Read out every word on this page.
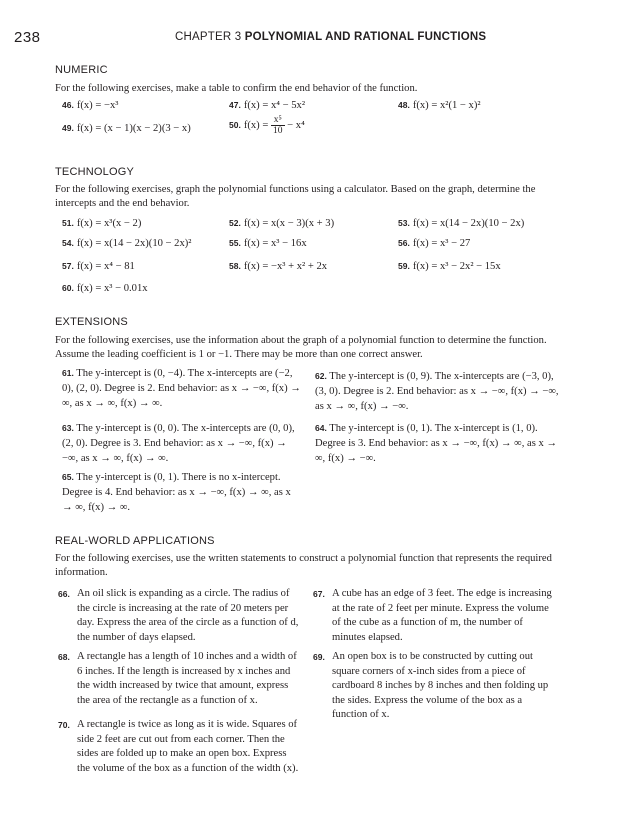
238	CHAPTER 3 POLYNOMIAL AND RATIONAL FUNCTIONS
NUMERIC
For the following exercises, make a table to confirm the end behavior of the function.
46. f(x) = −x³	47. f(x) = x⁴ − 5x²	48. f(x) = x²(1 − x)²
49. f(x) = (x − 1)(x − 2)(3 − x)	50. $f(x) = \frac{\text{x⁵}}{10} - x^4$
TECHNOLOGY
For the following exercises, graph the polynomial functions using a calculator. Based on the graph, determine the intercepts and the end behavior.
51. f(x) = x³(x − 2)	52. f(x) = x(x − 3)(x + 3)	53. f(x) = x(14 − 2x)(10 − 2x)
54. f(x) = x(14 − 2x)(10 − 2x)²	55. f(x) = x³ − 16x	56. f(x) = x³ − 27
57. f(x) = x⁴ − 81	58. f(x) = −x³ + x² + 2x	59. f(x) = x³ − 2x² − 15x
60. f(x) = x³ − 0.01x
EXTENSIONS
For the following exercises, use the information about the graph of a polynomial function to determine the function. Assume the leading coefficient is 1 or −1. There may be more than one correct answer.
61. The y-intercept is (0, −4). The x-intercepts are (−2, 0), (2, 0). Degree is 2. End behavior: as x → −∞, f(x) → ∞, as x → ∞, f(x) → ∞.
62. The y-intercept is (0, 9). The x-intercepts are (−3, 0), (3, 0). Degree is 2. End behavior: as x → −∞, f(x) → −∞, as x → ∞, f(x) → −∞.
63. The y-intercept is (0, 0). The x-intercepts are (0, 0), (2, 0). Degree is 3. End behavior: as x → −∞, f(x) → −∞, as x → ∞, f(x) → ∞.
64. The y-intercept is (0, 1). The x-intercept is (1, 0). Degree is 3. End behavior: as x → −∞, f(x) → ∞, as x → ∞, f(x) → −∞.
65. The y-intercept is (0, 1). There is no x-intercept. Degree is 4. End behavior: as x → −∞, f(x) → ∞, as x → ∞, f(x) → ∞.
REAL-WORLD APPLICATIONS
For the following exercises, use the written statements to construct a polynomial function that represents the required information.
66. An oil slick is expanding as a circle. The radius of the circle is increasing at the rate of 20 meters per day. Express the area of the circle as a function of d, the number of days elapsed.
67. A cube has an edge of 3 feet. The edge is increasing at the rate of 2 feet per minute. Express the volume of the cube as a function of m, the number of minutes elapsed.
68. A rectangle has a length of 10 inches and a width of 6 inches. If the length is increased by x inches and the width increased by twice that amount, express the area of the rectangle as a function of x.
69. An open box is to be constructed by cutting out square corners of x-inch sides from a piece of cardboard 8 inches by 8 inches and then folding up the sides. Express the volume of the box as a function of x.
70. A rectangle is twice as long as it is wide. Squares of side 2 feet are cut out from each corner. Then the sides are folded up to make an open box. Express the volume of the box as a function of the width (x).
